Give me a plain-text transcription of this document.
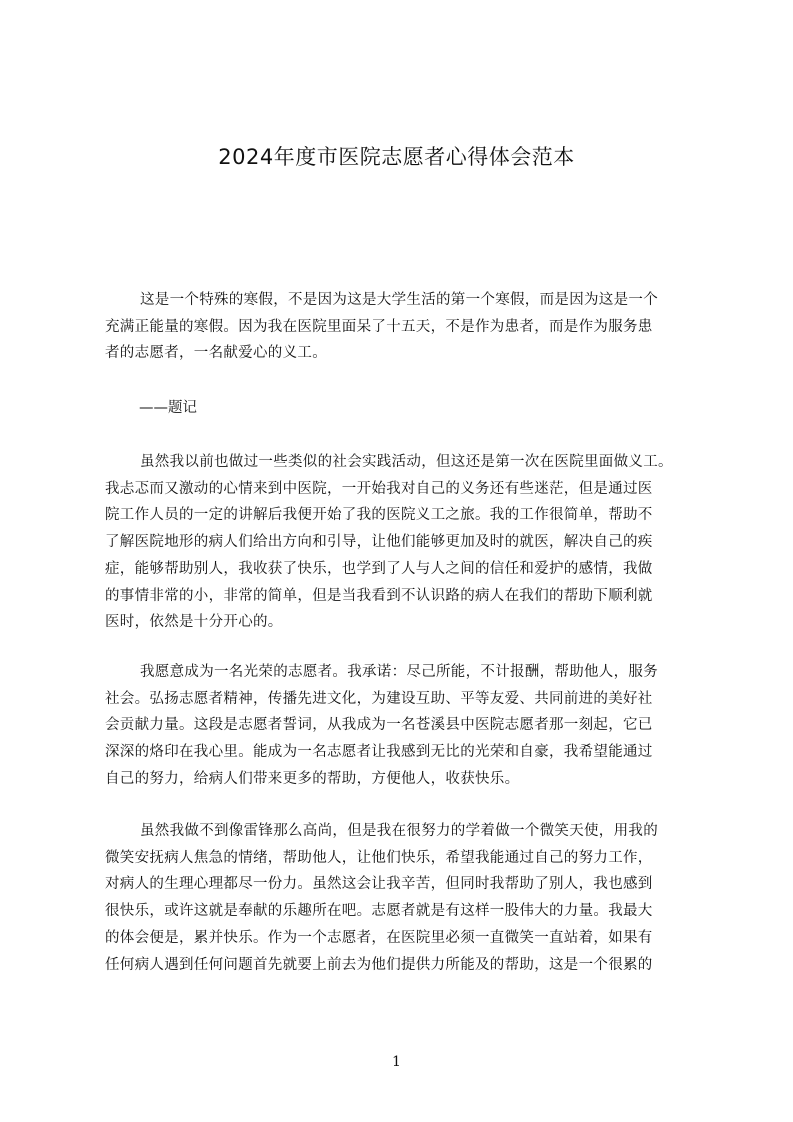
2024年度市医院志愿者心得体会范本
这是一个特殊的寒假，不是因为这是大学生活的第一个寒假，而是因为这是一个
充满正能量的寒假。因为我在医院里面呆了十五天，不是作为患者，而是作为服务患
者的志愿者，一名献爱心的义工。
——题记
虽然我以前也做过一些类似的社会实践活动，但这还是第一次在医院里面做义工。
我忐忑而又激动的心情来到中医院，一开始我对自己的义务还有些迷茫，但是通过医
院工作人员的一定的讲解后我便开始了我的医院义工之旅。我的工作很简单，帮助不
了解医院地形的病人们给出方向和引导，让他们能够更加及时的就医，解决自己的疾
症，能够帮助别人，我收获了快乐，也学到了人与人之间的信任和爱护的感情，我做
的事情非常的小，非常的简单，但是当我看到不认识路的病人在我们的帮助下顺利就
医时，依然是十分开心的。
我愿意成为一名光荣的志愿者。我承诺：尽己所能，不计报酬，帮助他人，服务
社会。弘扬志愿者精神，传播先进文化，为建设互助、平等友爱、共同前进的美好社
会贡献力量。这段是志愿者誓词，从我成为一名苍溪县中医院志愿者那一刻起，它已
深深的烙印在我心里。能成为一名志愿者让我感到无比的光荣和自豪，我希望能通过
自己的努力，给病人们带来更多的帮助，方便他人，收获快乐。
虽然我做不到像雷锋那么高尚，但是我在很努力的学着做一个微笑天使，用我的
微笑安抚病人焦急的情绪，帮助他人，让他们快乐，希望我能通过自己的努力工作，
对病人的生理心理都尽一份力。虽然这会让我辛苦，但同时我帮助了别人，我也感到
很快乐，或许这就是奉献的乐趣所在吧。志愿者就是有这样一股伟大的力量。我最大
的体会便是，累并快乐。作为一个志愿者，在医院里必须一直微笑一直站着，如果有
任何病人遇到任何问题首先就要上前去为他们提供力所能及的帮助，这是一个很累的
1
